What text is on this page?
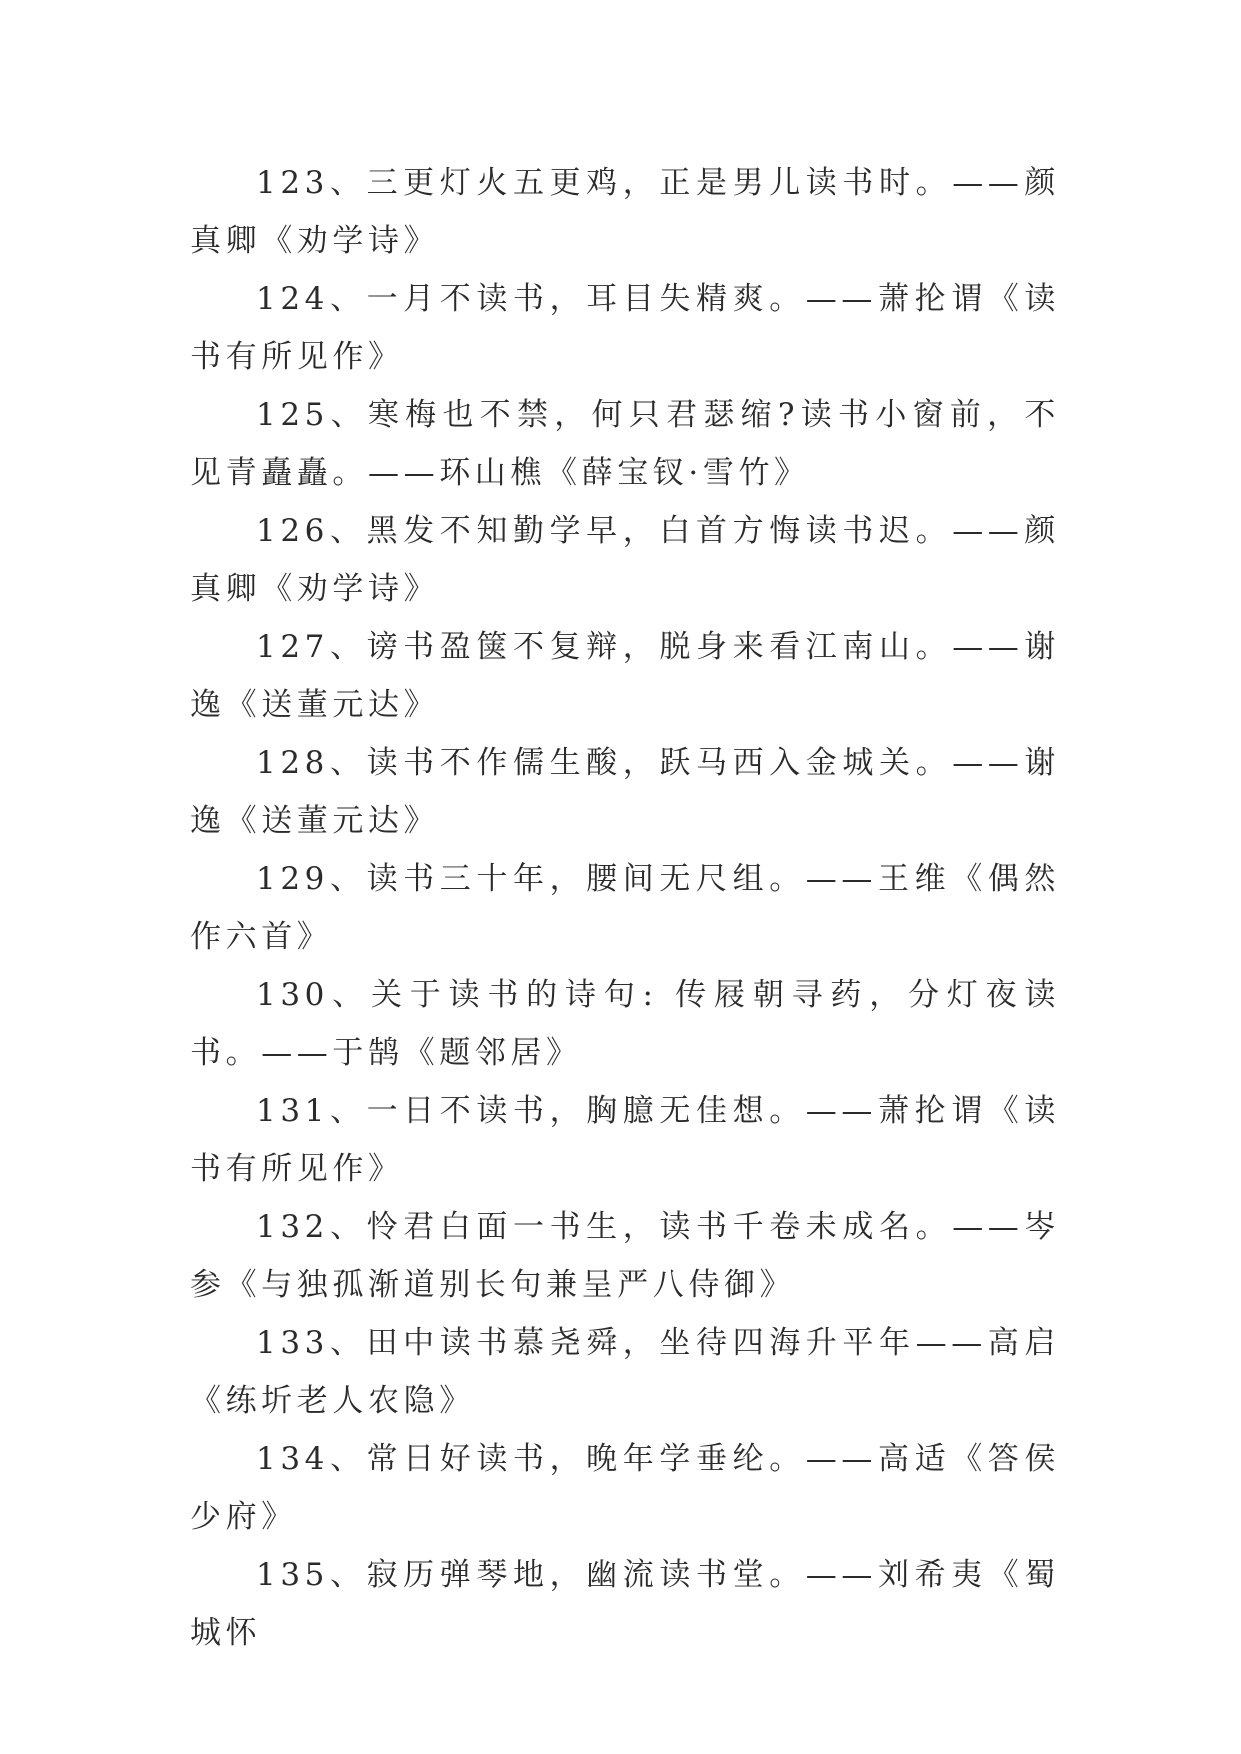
123、三更灯火五更鸡，正是男儿读书时。——颜真卿《劝学诗》

124、一月不读书，耳目失精爽。——萧抡谓《读书有所见作》

125、寒梅也不禁，何只君瑟缩?读书小窗前，不见青矗矗。——环山樵《薛宝钗·雪竹》

126、黑发不知勤学早，白首方悔读书迟。——颜真卿《劝学诗》

127、谤书盈箧不复辩，脱身来看江南山。——谢逸《送董元达》

128、读书不作儒生酸，跃马西入金城关。——谢逸《送董元达》

129、读书三十年，腰间无尺组。——王维《偶然作六首》

130、关于读书的诗句: 传屐朝寻药，分灯夜读书。——于鹄《题邻居》

131、一日不读书，胸臆无佳想。——萧抡谓《读书有所见作》

132、怜君白面一书生，读书千卷未成名。——岑参《与独孤渐道别长句兼呈严八侍御》

133、田中读书慕尧舜，坐待四海升平年——高启《练圻老人农隐》

134、常日好读书，晚年学垂纶。——高适《答侯少府》

135、寂历弹琴地，幽流读书堂。——刘希夷《蜀城怀
